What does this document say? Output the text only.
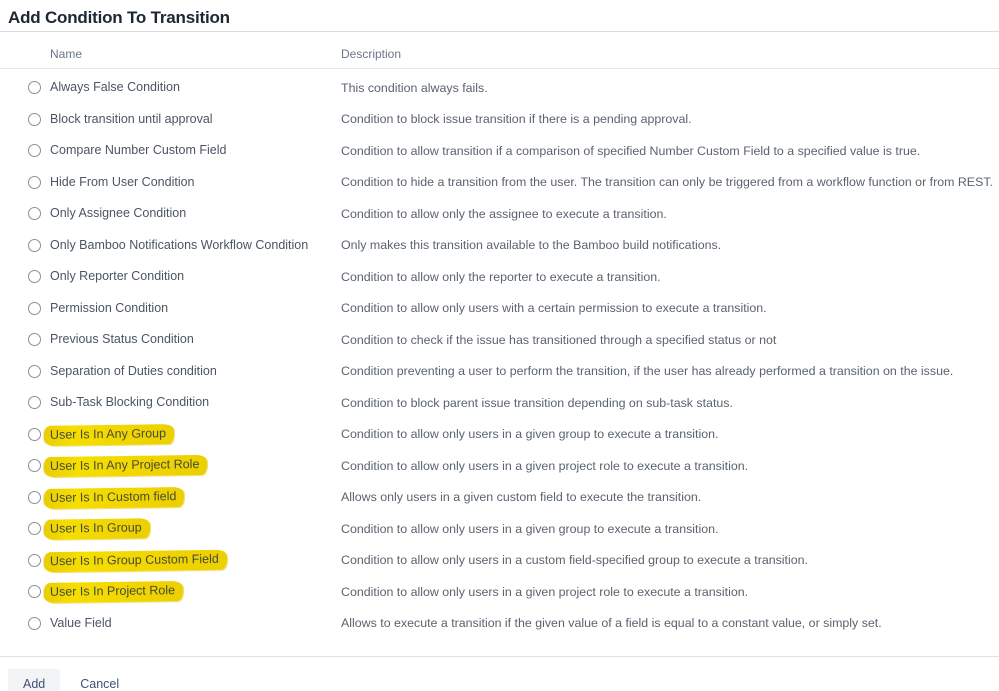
Add Condition To Transition
Name	Description
Always False Condition	This condition always fails.
Block transition until approval	Condition to block issue transition if there is a pending approval.
Compare Number Custom Field	Condition to allow transition if a comparison of specified Number Custom Field to a specified value is true.
Hide From User Condition	Condition to hide a transition from the user. The transition can only be triggered from a workflow function or from REST.
Only Assignee Condition	Condition to allow only the assignee to execute a transition.
Only Bamboo Notifications Workflow Condition	Only makes this transition available to the Bamboo build notifications.
Only Reporter Condition	Condition to allow only the reporter to execute a transition.
Permission Condition	Condition to allow only users with a certain permission to execute a transition.
Previous Status Condition	Condition to check if the issue has transitioned through a specified status or not
Separation of Duties condition	Condition preventing a user to perform the transition, if the user has already performed a transition on the issue.
Sub-Task Blocking Condition	Condition to block parent issue transition depending on sub-task status.
User Is In Any Group	Condition to allow only users in a given group to execute a transition.
User Is In Any Project Role	Condition to allow only users in a given project role to execute a transition.
User Is In Custom field	Allows only users in a given custom field to execute the transition.
User Is In Group	Condition to allow only users in a given group to execute a transition.
User Is In Group Custom Field	Condition to allow only users in a custom field-specified group to execute a transition.
User Is In Project Role	Condition to allow only users in a given project role to execute a transition.
Value Field	Allows to execute a transition if the given value of a field is equal to a constant value, or simply set.
Add	Cancel
